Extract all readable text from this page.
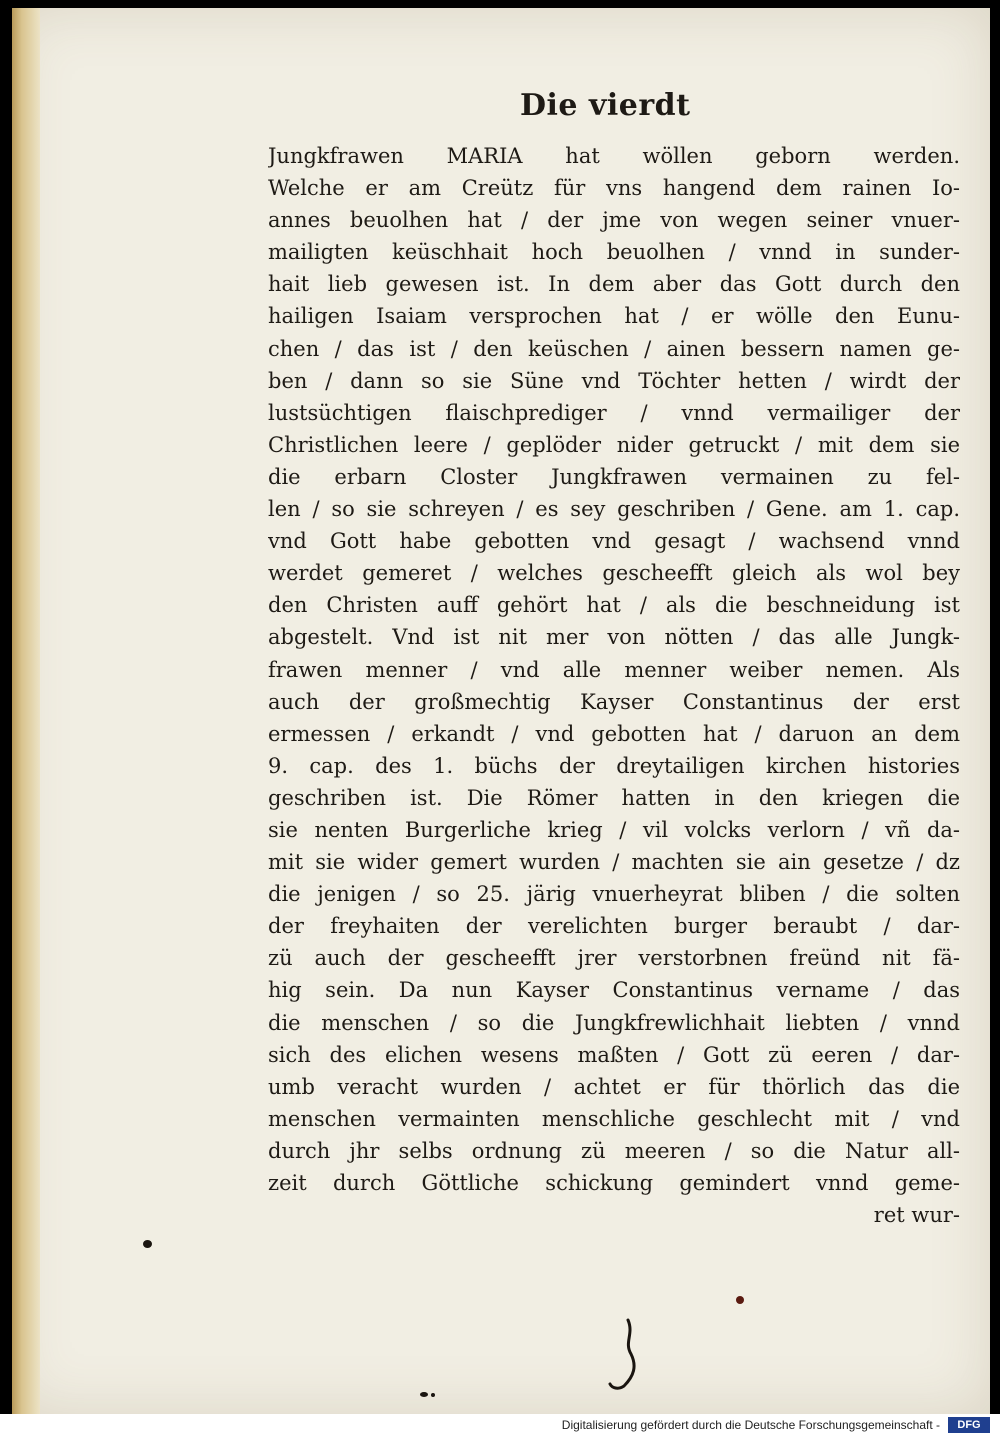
Die vierdt
Jungkfrawen MARIA hat wöllen geborn werden.
Welche er am Creütz für vns hangend dem rainen Io-
annes beuolhen hat / der jme von wegen seiner vnuer-
mailigten keüschhait hoch beuolhen / vnnd in sunder-
hait lieb gewesen ist. In dem aber das Gott durch den
hailigen Isaiam versprochen hat / er wölle den Eunu-
chen / das ist / den keüschen / ainen bessern namen ge-
ben / dann so sie Süne vnd Töchter hetten / wirdt der
lustsüchtigen flaischprediger / vnnd vermailiger der
Christlichen leere / geplöder nider getruckt / mit dem sie
die erbarn Closter Jungkfrawen vermainen zu fel-
len / so sie schreyen / es sey geschriben / Gene. am 1. cap.
vnd Gott habe gebotten vnd gesagt / wachsend vnnd
werdet gemeret / welches gescheefft gleich als wol bey
den Christen auff gehört hat / als die beschneidung ist
abgestelt. Vnd ist nit mer von nötten / das alle Jungk-
frawen menner / vnd alle menner weiber nemen. Als
auch der großmechtig Kayser Constantinus der erst
ermessen / erkandt / vnd gebotten hat / daruon an dem
9. cap. des 1. büchs der dreytailigen kirchen histories
geschriben ist. Die Römer hatten in den kriegen die
sie nenten Burgerliche krieg / vil volcks verlorn / vñ da-
mit sie wider gemert wurden / machten sie ain gesetze / dz
die jenigen / so 25. järig vnuerheyrat bliben / die solten
der freyhaiten der verelichten burger beraubt / dar-
zü auch der gescheefft jrer verstorbnen freünd nit fä-
hig sein. Da nun Kayser Constantinus vername / das
die menschen / so die Jungkfrewlichhait liebten / vnnd
sich des elichen wesens maßten / Gott zü eeren / dar-
umb veracht wurden / achtet er für thörlich das die
menschen vermainten menschliche geschlecht mit / vnd
durch jhr selbs ordnung zü meeren / so die Natur all-
zeit durch Göttliche schickung gemindert vnnd geme-
ret wur-
Digitalisierung gefördert durch die Deutsche Forschungsgemeinschaft -	DFG
